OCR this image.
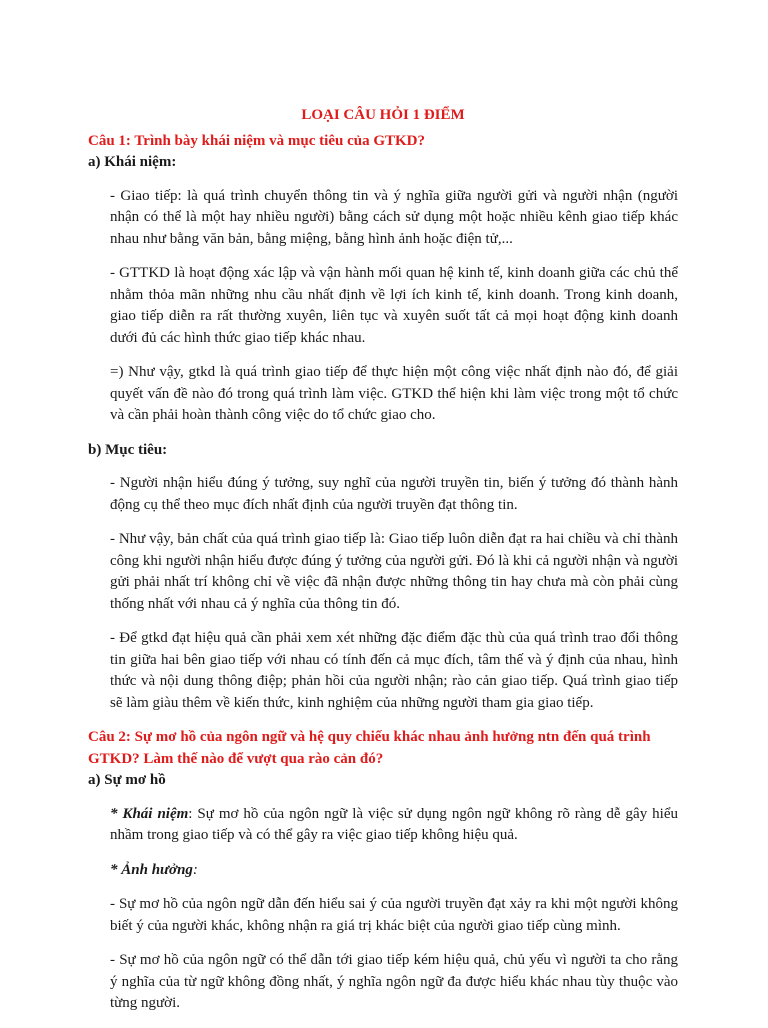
LOẠI CÂU HỎI 1 ĐIỂM
Câu 1: Trình bày khái niệm và mục tiêu của GTKD?
a) Khái niệm:

- Giao tiếp: là quá trình chuyển thông tin và ý nghĩa giữa người gửi và người nhận (người nhận có thể là một hay nhiều người) bằng cách sử dụng một hoặc nhiều kênh giao tiếp khác nhau như bằng văn bản, bằng miệng, bằng hình ảnh hoặc điện tử,...

- GTTKD là hoạt động xác lập và vận hành mối quan hệ kinh tế, kinh doanh giữa các chủ thể nhằm thỏa mãn những nhu cầu nhất định về lợi ích kinh tế, kinh doanh. Trong kinh doanh, giao tiếp diễn ra rất thường xuyên, liên tục và xuyên suốt tất cả mọi hoạt động kinh doanh dưới đủ các hình thức giao tiếp khác nhau.

=) Như vậy, gtkd là quá trình giao tiếp để thực hiện một công việc nhất định nào đó, để giải quyết vấn đề nào đó trong quá trình làm việc. GTKD thể hiện khi làm việc trong một tổ chức và cần phải hoàn thành công việc do tổ chức giao cho.

b) Mục tiêu:

- Người nhận hiểu đúng ý tưởng, suy nghĩ của người truyền tin, biến ý tưởng đó thành hành động cụ thể theo mục đích nhất định của người truyền đạt thông tin.

- Như vậy, bản chất của quá trình giao tiếp là: Giao tiếp luôn diễn đạt ra hai chiều và chỉ thành công khi người nhận hiểu được đúng ý tưởng của người gửi. Đó là khi cả người nhận và người gửi phải nhất trí không chỉ về việc đã nhận được những thông tin hay chưa mà còn phải cùng thống nhất với nhau cả ý nghĩa của thông tin đó.

- Để gtkd đạt hiệu quả cần phải xem xét những đặc điểm đặc thù của quá trình trao đổi thông tin giữa hai bên giao tiếp với nhau có tính đến cả mục đích, tâm thế và ý định của nhau, hình thức và nội dung thông điệp; phản hồi của người nhận; rào cản giao tiếp. Quá trình giao tiếp sẽ làm giàu thêm về kiến thức, kinh nghiệm của những người tham gia giao tiếp.

Câu 2: Sự mơ hồ của ngôn ngữ và hệ quy chiếu khác nhau ảnh hưởng ntn đến quá trình GTKD? Làm thế nào để vượt qua rào cản đó?
a) Sự mơ hồ

* Khái niệm: Sự mơ hồ của ngôn ngữ là việc sử dụng ngôn ngữ không rõ ràng dễ gây hiểu nhầm trong giao tiếp và có thể gây ra việc giao tiếp không hiệu quả.

* Ảnh hưởng:

- Sự mơ hồ của ngôn ngữ dẫn đến hiểu sai ý của người truyền đạt xảy ra khi một người không biết ý của người khác, không nhận ra giá trị khác biệt của người giao tiếp cùng mình.

- Sự mơ hồ của ngôn ngữ có thể dẫn tới giao tiếp kém hiệu quả, chủ yếu vì người ta cho rằng ý nghĩa của từ ngữ không đồng nhất, ý nghĩa ngôn ngữ đa được hiểu khác nhau tùy thuộc vào từng người.
